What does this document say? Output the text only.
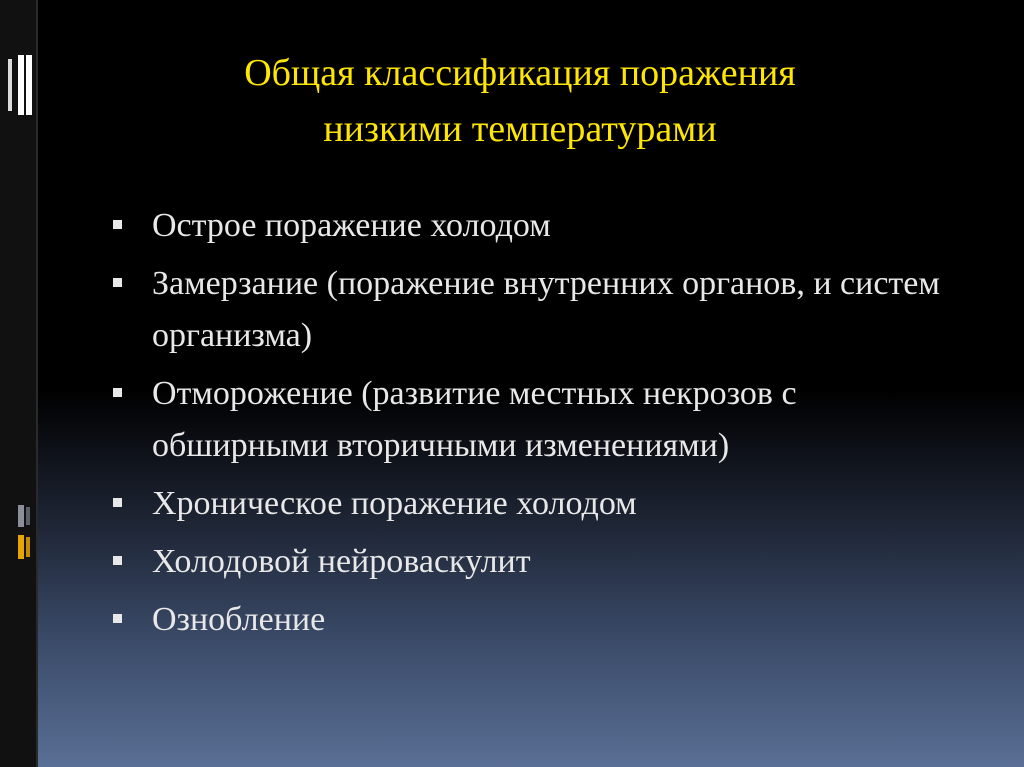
Общая классификация поражения
низкими температурами
Острое поражение холодом
Замерзание (поражение внутренних органов, и систем организма)
Отморожение (развитие местных некрозов с обширными вторичными изменениями)
Хроническое поражение холодом
Холодовой нейроваскулит
Ознобление
